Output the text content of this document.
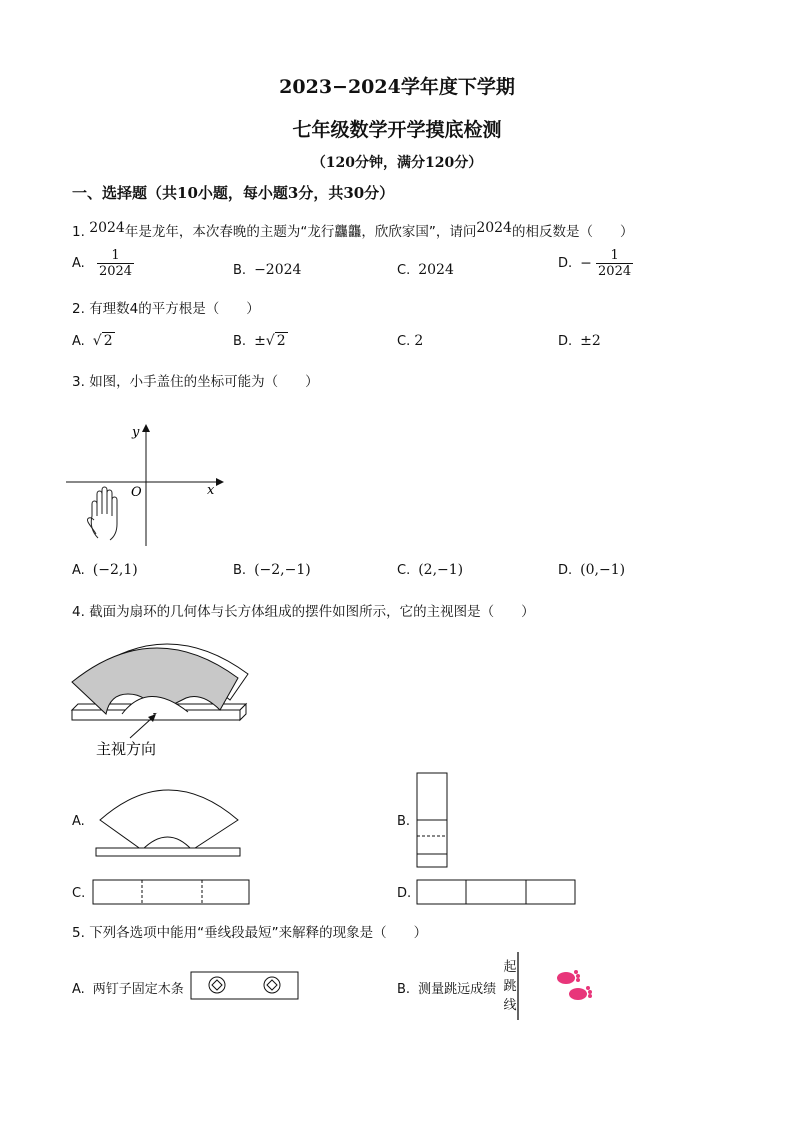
2023−2024学年度下学期
七年级数学开学摸底检测
（120分钟，满分120分）
一、选择题（共10小题，每小题3分，共30分）
1. 2024年是龙年，本次春晚的主题为“龙行龘龘，欣欣家国”，请问2024的相反数是（　　）
A. $\frac{1}{2024}$	B. −2024	C. 2024	D. − $\frac{1}{2024}$
2. 有理数4的平方根是（　　）
A. √ 2	B. ±√ 2	C. 2	D. ±2
3. 如图，小手盖住的坐标可能为（　　）
y
x
O
A. (−2,1)	B. (−2,−1)	C. (2,−1)	D. (0,−1)
4. 截面为扇环的几何体与长方体组成的摆件如图所示，它的主视图是（　　）
主视方向
A.	B.
C.	D.
5. 下列各选项中能用“垂线段最短”来解释的现象是（　　）
A. 两钉子固定木条	B. 测量跳远成绩
起
跳
线
